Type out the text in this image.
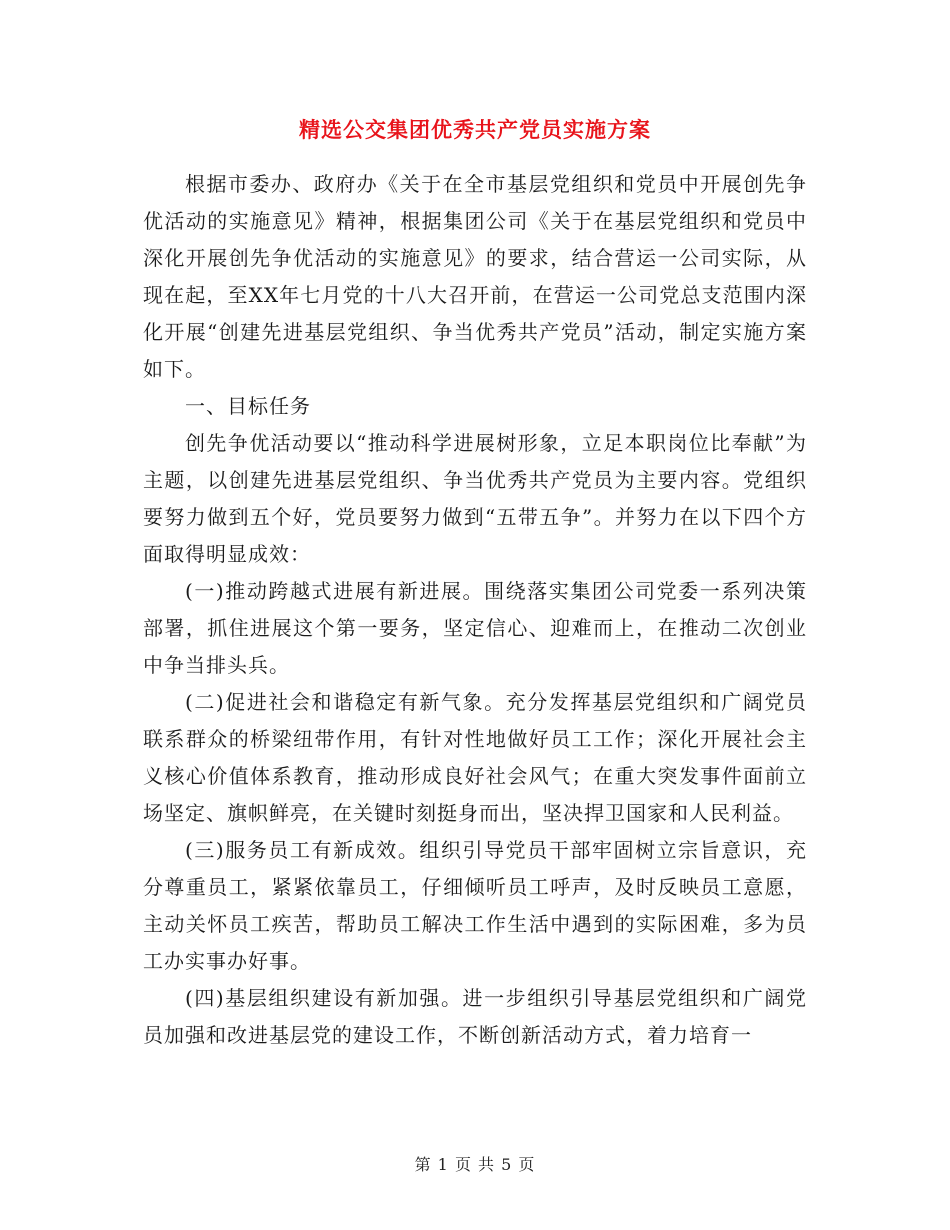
精选公交集团优秀共产党员实施方案

根据市委办、政府办《关于在全市基层党组织和党员中开展创先争优活动的实施意见》精神，根据集团公司《关于在基层党组织和党员中深化开展创先争优活动的实施意见》的要求，结合营运一公司实际，从现在起，至XX年七月党的十八大召开前，在营运一公司党总支范围内深化开展“创建先进基层党组织、争当优秀共产党员”活动，制定实施方案如下。

一、目标任务

创先争优活动要以“推动科学进展树形象，立足本职岗位比奉献”为主题，以创建先进基层党组织、争当优秀共产党员为主要内容。党组织要努力做到五个好，党员要努力做到“五带五争”。并努力在以下四个方面取得明显成效：

(一)推动跨越式进展有新进展。围绕落实集团公司党委一系列决策部署，抓住进展这个第一要务，坚定信心、迎难而上，在推动二次创业中争当排头兵。

(二)促进社会和谐稳定有新气象。充分发挥基层党组织和广阔党员联系群众的桥梁纽带作用，有针对性地做好员工工作；深化开展社会主义核心价值体系教育，推动形成良好社会风气；在重大突发事件面前立场坚定、旗帜鲜亮，在关键时刻挺身而出，坚决捍卫国家和人民利益。

(三)服务员工有新成效。组织引导党员干部牢固树立宗旨意识，充分尊重员工，紧紧依靠员工，仔细倾听员工呼声，及时反映员工意愿，主动关怀员工疾苦，帮助员工解决工作生活中遇到的实际困难，多为员工办实事办好事。

(四)基层组织建设有新加强。进一步组织引导基层党组织和广阔党员加强和改进基层党的建设工作，不断创新活动方式，着力培育一

第 1 页 共 5 页
